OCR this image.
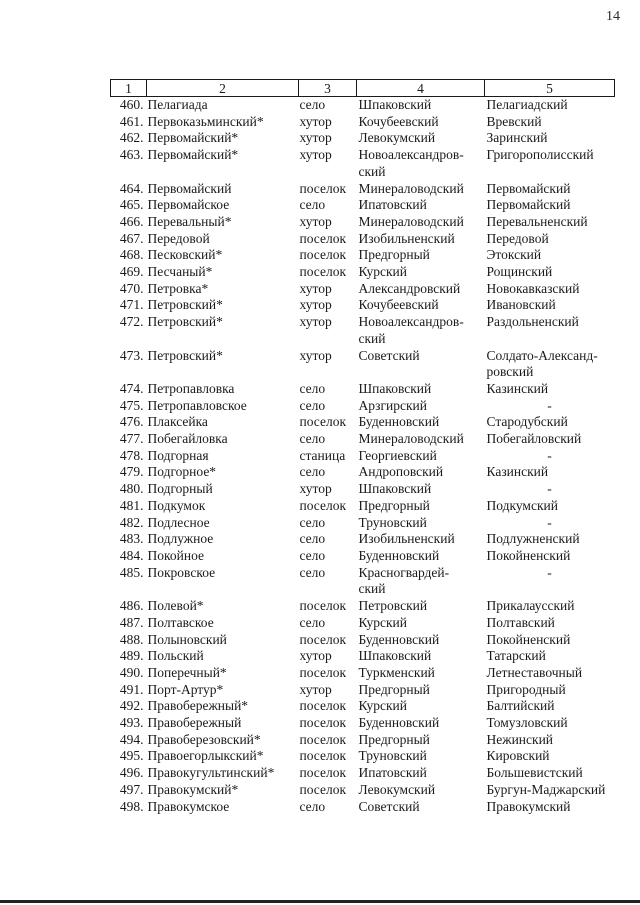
14
1	2	3	4	5
460.	Пелагиада	село	Шпаковский	Пелагиадский

461.	Первоказьминский*	хутор	Кочубеевский	Вревский

462.	Первомайский*	хутор	Левокумский	Заринский

463.	Первомайский*	хутор	Новоалександров-
ский	Григорополисский

464.	Первомайский	поселок	Минераловодский	Первомайский

465.	Первомайское	село	Ипатовский	Первомайский

466.	Перевальный*	хутор	Минераловодский	Перевальненский

467.	Передовой	поселок	Изобильненский	Передовой

468.	Песковский*	поселок	Предгорный	Этокский

469.	Песчаный*	поселок	Курский	Рощинский

470.	Петровка*	хутор	Александровский	Новокавказский

471.	Петровский*	хутор	Кочубеевский	Ивановский

472.	Петровский*	хутор	Новоалександров-
ский	Раздольненский

473.	Петровский*	хутор	Советский	Солдато-Александ-
ровский

474.	Петропавловка	село	Шпаковский	Казинский

475.	Петропавловское	село	Арзгирский	-

476.	Плаксейка	поселок	Буденновский	Стародубский

477.	Побегайловка	село	Минераловодский	Побегайловский

478.	Подгорная	станица	Георгиевский	-

479.	Подгорное*	село	Андроповский	Казинский

480.	Подгорный	хутор	Шпаковский	-

481.	Подкумок	поселок	Предгорный	Подкумский

482.	Подлесное	село	Труновский	-

483.	Подлужное	село	Изобильненский	Подлужненский

484.	Покойное	село	Буденновский	Покойненский

485.	Покровское	село	Красногвардей-
ский	-

486.	Полевой*	поселок	Петровский	Прикалаусский

487.	Полтавское	село	Курский	Полтавский

488.	Полыновский	поселок	Буденновский	Покойненский

489.	Польский	хутор	Шпаковский	Татарский

490.	Поперечный*	поселок	Туркменский	Летнеставочный

491.	Порт-Артур*	хутор	Предгорный	Пригородный

492.	Правобережный*	поселок	Курский	Балтийский

493.	Правобережный	поселок	Буденновский	Томузловский

494.	Правоберезовский*	поселок	Предгорный	Нежинский

495.	Правоегорлыкский*	поселок	Труновский	Кировский

496.	Правокугультинский*	поселок	Ипатовский	Большевистский

497.	Правокумский*	поселок	Левокумский	Бургун-Маджарский

498.	Правокумское	село	Советский	Правокумский
